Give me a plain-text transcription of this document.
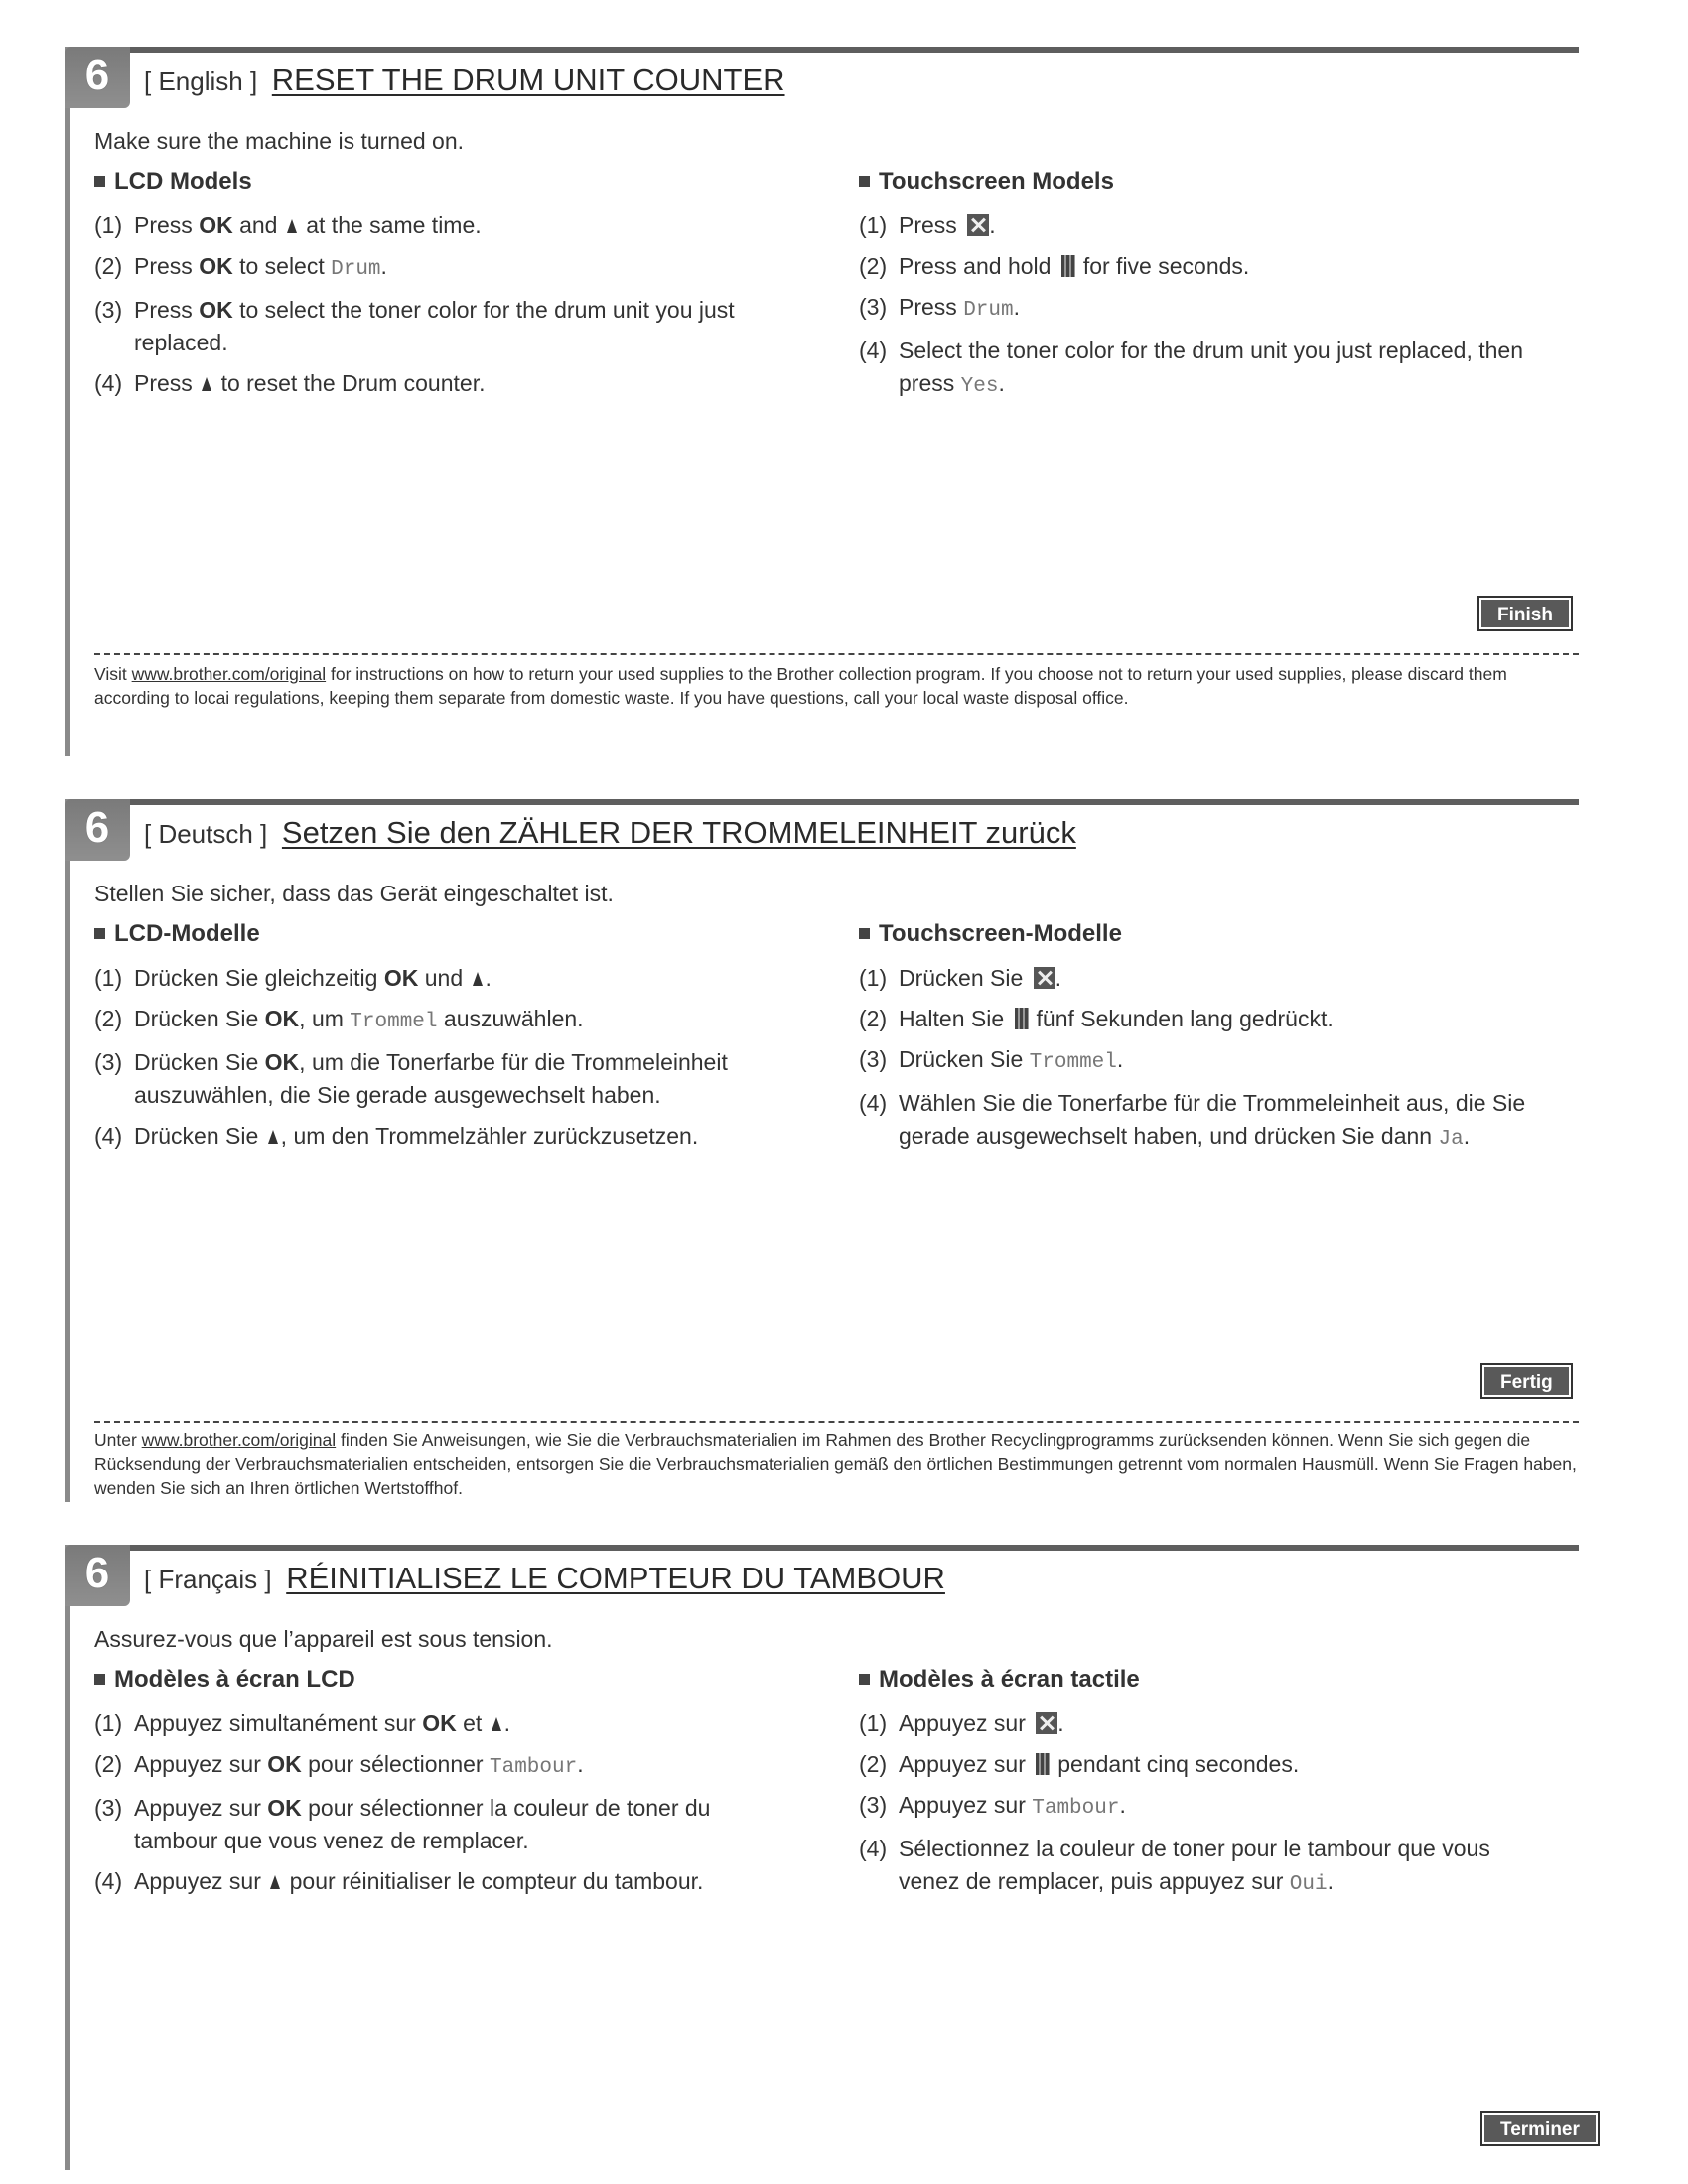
6	[ English ] RESET THE DRUM UNIT COUNTER
Make sure the machine is turned on.
LCD Models
(1) Press OK and  at the same time.
(2) Press OK to select Drum.
(3) Press OK to select the toner color for the drum unit you just replaced.
(4) Press  to reset the Drum counter.
Touchscreen Models
(1) Press .
(2) Press and hold for five seconds.
(3) Press Drum.
(4) Select the toner color for the drum unit you just replaced, then press Yes.
Finish
Visit www.brother.com/original for instructions on how to return your used supplies to the Brother collection program. If you choose not to return your used supplies, please discard them according to locai regulations, keeping them separate from domestic waste. If you have questions, call your local waste disposal office.
6	[ Deutsch ] Setzen Sie den ZÄHLER DER TROMMELEINHEIT zurück
Stellen Sie sicher, dass das Gerät eingeschaltet ist.
LCD-Modelle
(1) Drücken Sie gleichzeitig OK und .
(2) Drücken Sie OK, um Trommel auszuwählen.
(3) Drücken Sie OK, um die Tonerfarbe für die Trommeleinheit auszuwählen, die Sie gerade ausgewechselt haben.
(4) Drücken Sie , um den Trommelzähler zurückzusetzen.
Touchscreen-Modelle
(1) Drücken Sie .
(2) Halten Sie fünf Sekunden lang gedrückt.
(3) Drücken Sie Trommel.
(4) Wählen Sie die Tonerfarbe für die Trommeleinheit aus, die Sie gerade ausgewechselt haben, und drücken Sie dann Ja.
Fertig
Unter www.brother.com/original finden Sie Anweisungen, wie Sie die Verbrauchsmaterialien im Rahmen des Brother Recyclingprogramms zurücksenden können. Wenn Sie sich gegen die Rücksendung der Verbrauchsmaterialien entscheiden, entsorgen Sie die Verbrauchsmaterialien gemäß den örtlichen Bestimmungen getrennt vom normalen Hausmüll. Wenn Sie Fragen haben, wenden Sie sich an Ihren örtlichen Wertstoffhof.
6	[ Français ] RÉINITIALISEZ LE COMPTEUR DU TAMBOUR
Assurez-vous que l’appareil est sous tension.
Modèles à écran LCD
(1) Appuyez simultanément sur OK et .
(2) Appuyez sur OK pour sélectionner Tambour.
(3) Appuyez sur OK pour sélectionner la couleur de toner du tambour que vous venez de remplacer.
(4) Appuyez sur  pour réinitialiser le compteur du tambour.
Modèles à écran tactile
(1) Appuyez sur .
(2) Appuyez sur pendant cinq secondes.
(3) Appuyez sur Tambour.
(4) Sélectionnez la couleur de toner pour le tambour que vous venez de remplacer, puis appuyez sur Oui.
Terminer
